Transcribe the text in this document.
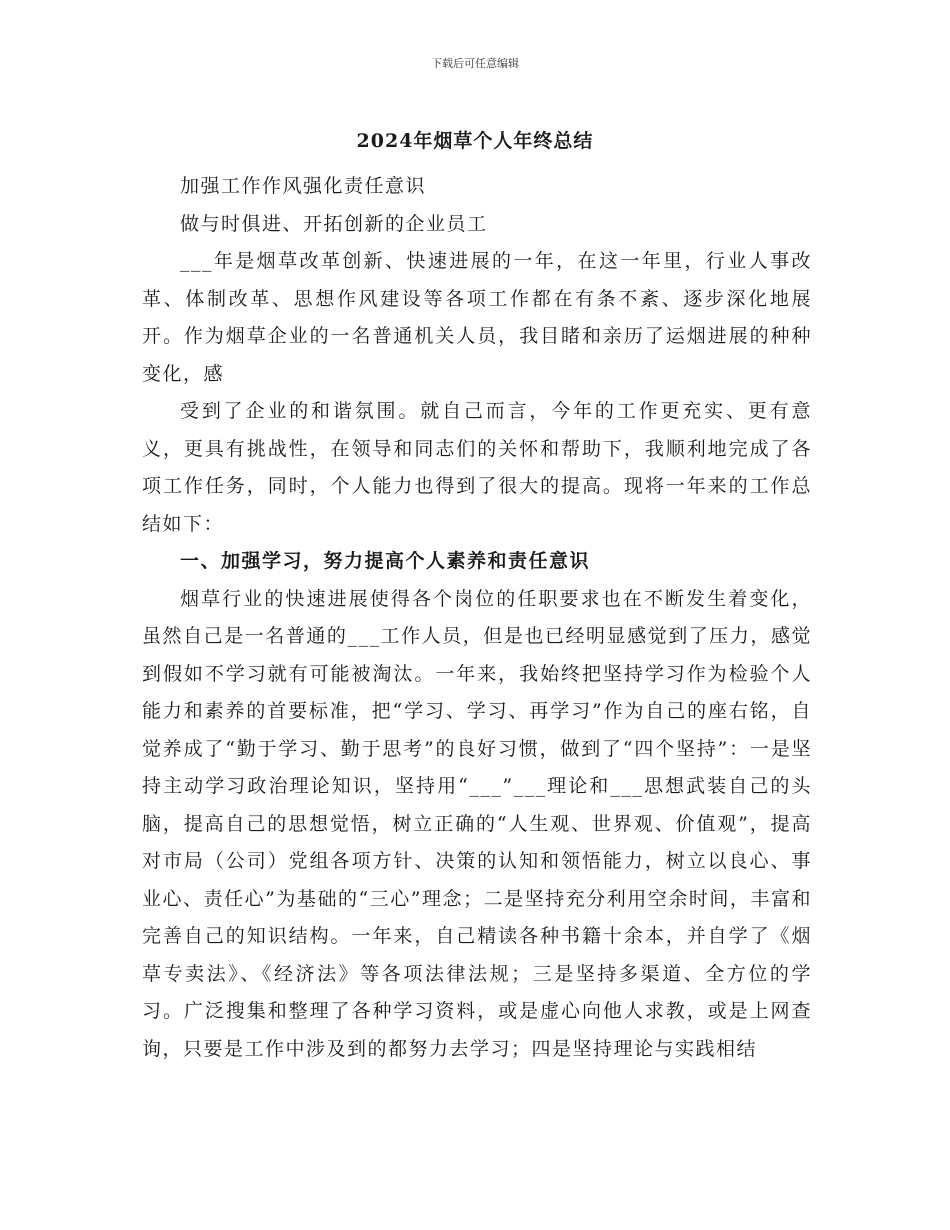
下载后可任意编辑
2024年烟草个人年终总结

加强工作作风强化责任意识

做与时俱进、开拓创新的企业员工

___年是烟草改革创新、快速进展的一年，在这一年里，行业人事改革、体制改革、思想作风建设等各项工作都在有条不紊、逐步深化地展开。作为烟草企业的一名普通机关人员，我目睹和亲历了运烟进展的种种变化，感

受到了企业的和谐氛围。就自己而言，今年的工作更充实、更有意义，更具有挑战性，在领导和同志们的关怀和帮助下，我顺利地完成了各项工作任务，同时，个人能力也得到了很大的提高。现将一年来的工作总结如下：

一、加强学习，努力提高个人素养和责任意识

烟草行业的快速进展使得各个岗位的任职要求也在不断发生着变化，虽然自己是一名普通的___工作人员，但是也已经明显感觉到了压力，感觉到假如不学习就有可能被淘汰。一年来，我始终把坚持学习作为检验个人能力和素养的首要标准，把“学习、学习、再学习”作为自己的座右铭，自觉养成了“勤于学习、勤于思考”的良好习惯，做到了“四个坚持”：一是坚持主动学习政治理论知识，坚持用“___”___理论和___思想武装自己的头脑，提高自己的思想觉悟，树立正确的“人生观、世界观、价值观”，提高对市局（公司）党组各项方针、决策的认知和领悟能力，树立以良心、事业心、责任心”为基础的“三心”理念；二是坚持充分利用空余时间，丰富和完善自己的知识结构。一年来，自己精读各种书籍十余本，并自学了《烟草专卖法》、《经济法》等各项法律法规；三是坚持多渠道、全方位的学习。广泛搜集和整理了各种学习资料，或是虚心向他人求教，或是上网查询，只要是工作中涉及到的都努力去学习；四是坚持理论与实践相结
